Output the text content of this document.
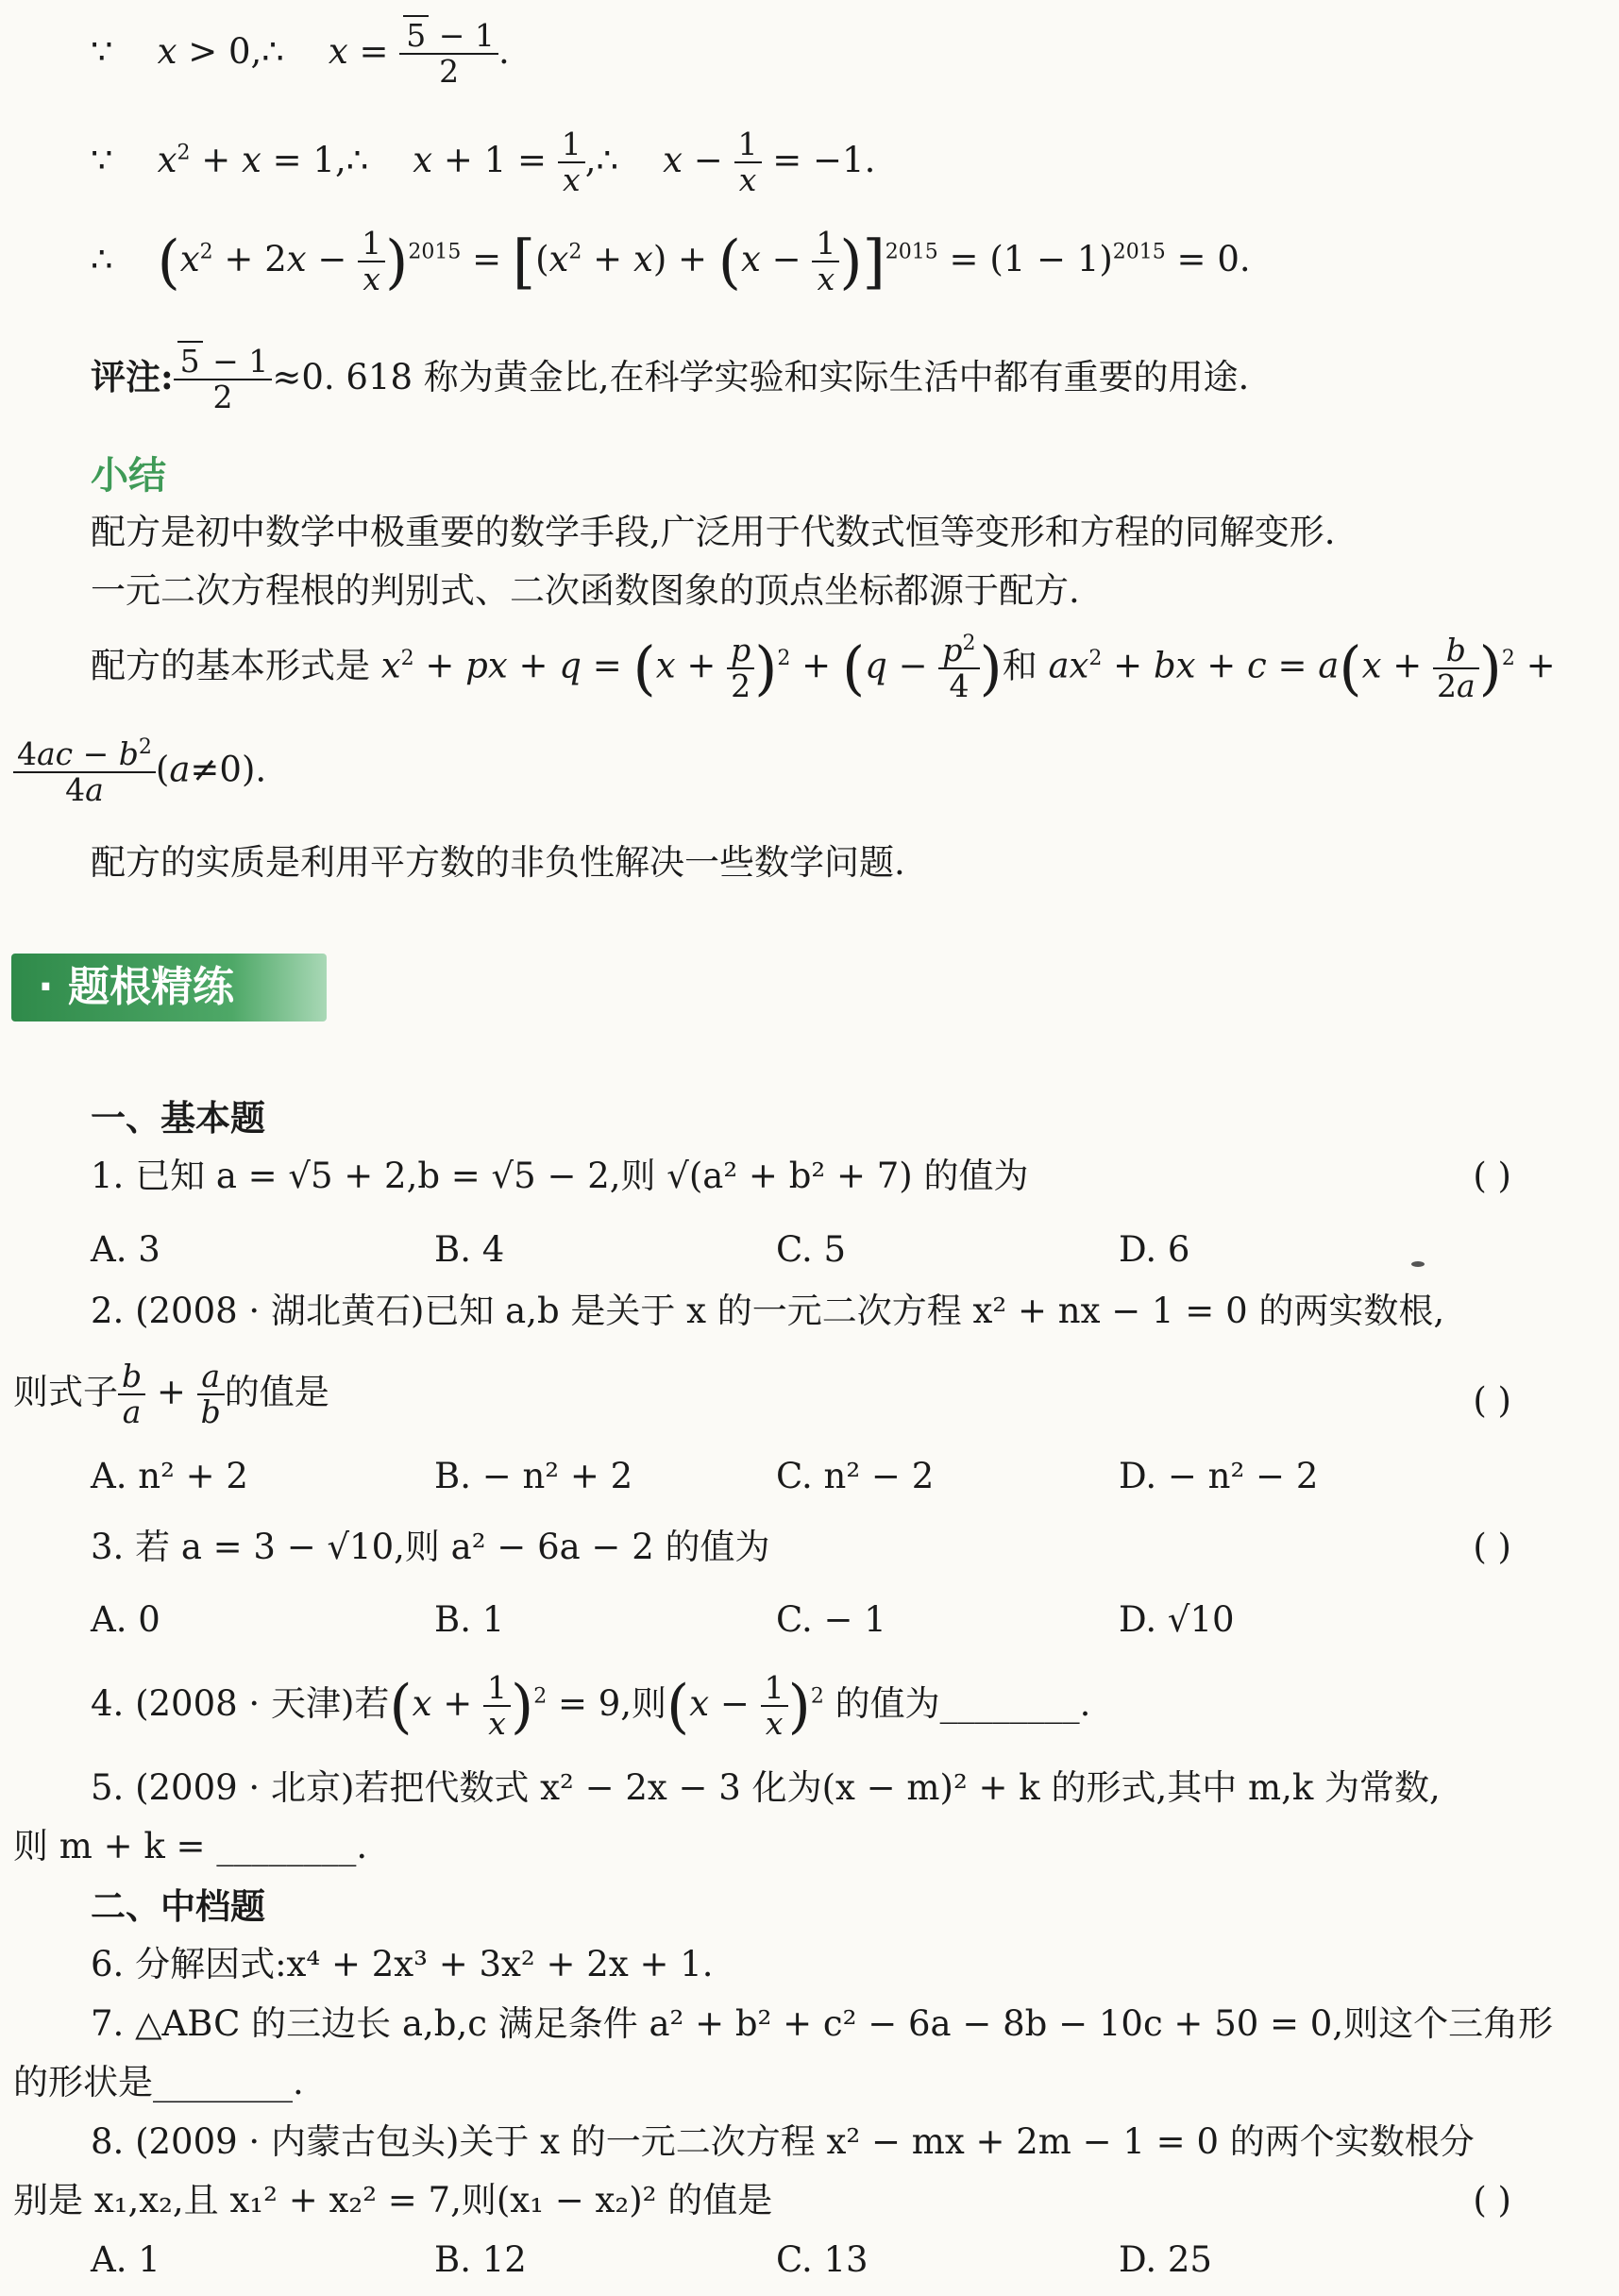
∵    x > 0,∴    $x = \frac{5 - 1}{2}$ .
∵    $x^2 + x$ = 1,∴    $x + 1 = \frac{1}{x}$ ,∴    $x - \frac{1}{x} = -1$.
∴    $(x^2 + 2x - \frac{1}{x} )^{2015} = [(x^2 + x) + (x - \frac{1}{x} )]^{2015} = (1 - 1)^{2015} = 0$.
评注: $\frac{5 - 1}{2} \approx 0$. 618 称为黄金比,在科学实验和实际生活中都有重要的用途.
小结
配方是初中数学中极重要的数学手段,广泛用于代数式恒等变形和方程的同解变形.
一元二次方程根的判别式、二次函数图象的顶点坐标都源于配方.
配方的基本形式是 $x^2$ + px + $q = (x + \frac{p}{2} )^2 + (q - \frac{p^2}{4}$ )和 $ax^2$ + bx + $c = a(x + \frac{b}{2a} )^2$ +
$\frac{4ac - b^2}{4a} (a\ne 0)$.
配方的实质是利用平方数的非负性解决一些数学问题.
· 题根精练
一、基本题
1. 已知 a = √5 + 2,b = √5 − 2,则 √(a² + b² + 7) 的值为	( )
A. 3	B. 4	C. 5	D. 6
2. (2008 · 湖北黄石)已知 a,b 是关于 x 的一元二次方程 x² + nx − 1 = 0 的两实数根,
则式子 $\frac{b}{a} + \frac{a}{b}$ 的值是	( )
A. n² + 2	B. − n² + 2	C. n² − 2	D. − n² − 2
3. 若 a = 3 − √10,则 a² − 6a − 2 的值为	( )
A. 0	B. 1	C. − 1	D. √10
4. (2008 · 天津)若$(x + \frac{1}{x} )^2 = 9$,则$(x - \frac{1}{x} )^2$ 的值为________.
5. (2009 · 北京)若把代数式 x² − 2x − 3 化为(x − m)² + k 的形式,其中 m,k 为常数,
则 m + k = ________.
二、中档题
6. 分解因式:x⁴ + 2x³ + 3x² + 2x + 1.
7. △ABC 的三边长 a,b,c 满足条件 a² + b² + c² − 6a − 8b − 10c + 50 = 0,则这个三角形
的形状是________.
8. (2009 · 内蒙古包头)关于 x 的一元二次方程 x² − mx + 2m − 1 = 0 的两个实数根分
别是 x₁,x₂,且 x₁² + x₂² = 7,则(x₁ − x₂)² 的值是	( )
A. 1	B. 12	C. 13	D. 25
